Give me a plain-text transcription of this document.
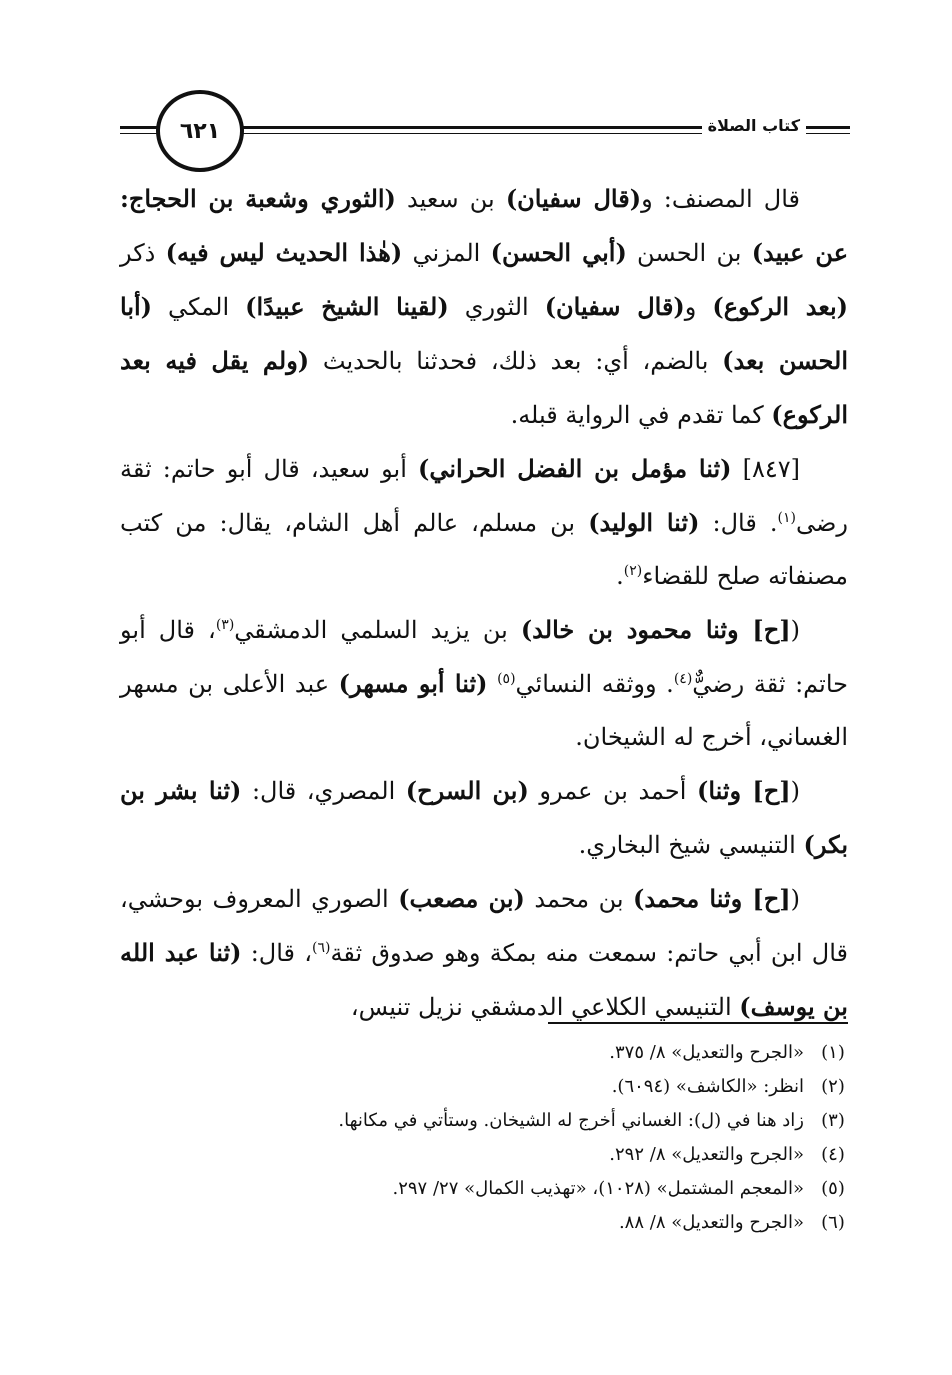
٦٢١	كتاب الصلاة

قال المصنف: و(قال سفيان) بن سعيد (الثوري وشعبة بن الحجاج: عن عبيد) بن الحسن (أبي الحسن) المزني (هٰذا الحديث ليس فيه) ذكر (بعد الركوع) و(قال سفيان) الثوري (لقينا الشيخ عبيدًا) المكي (أبا الحسن بعد) بالضم، أي: بعد ذلك، فحدثنا بالحديث (ولم يقل فيه بعد الركوع) كما تقدم في الرواية قبله.

[٨٤٧] (ثنا مؤمل بن الفضل الحراني) أبو سعيد، قال أبو حاتم: ثقة رضى$^{(١)}$. قال: (ثنا الوليد) بن مسلم، عالم أهل الشام، يقال: من كتب مصنفاته صلح للقضاء$^{(٢)}$.

([ح] وثنا محمود بن خالد) بن يزيد السلمي الدمشقي$^{(٣)}$، قال أبو حاتم: ثقة رضيٌّ$^{(٤)}$. ووثقه النسائي$^{(٥)}$ (ثنا أبو مسهر) عبد الأعلى بن مسهر الغساني، أخرج له الشيخان.

([ح] وثنا) أحمد بن عمرو (بن السرح) المصري، قال: (ثنا بشر بن بكر) التنيسي شيخ البخاري.

([ح] وثنا محمد) بن محمد (بن مصعب) الصوري المعروف بوحشي، قال ابن أبي حاتم: سمعت منه بمكة وهو صدوق ثقة$^{(٦)}$، قال: (ثنا عبد الله بن يوسف) التنيسي الكلاعي الدمشقي نزيل تنيس،

(١)
«الجرح والتعديل» ٨/ ٣٧٥.
(٢)
انظر: «الكاشف» (٦٠٩٤).
(٣)
زاد هنا في (ل): الغساني أخرج له الشيخان. وستأتي في مكانها.
(٤)
«الجرح والتعديل» ٨/ ٢٩٢.
(٥)
«المعجم المشتمل» (١٠٢٨)، «تهذيب الكمال» ٢٧/ ٢٩٧.
(٦)
«الجرح والتعديل» ٨/ ٨٨.
